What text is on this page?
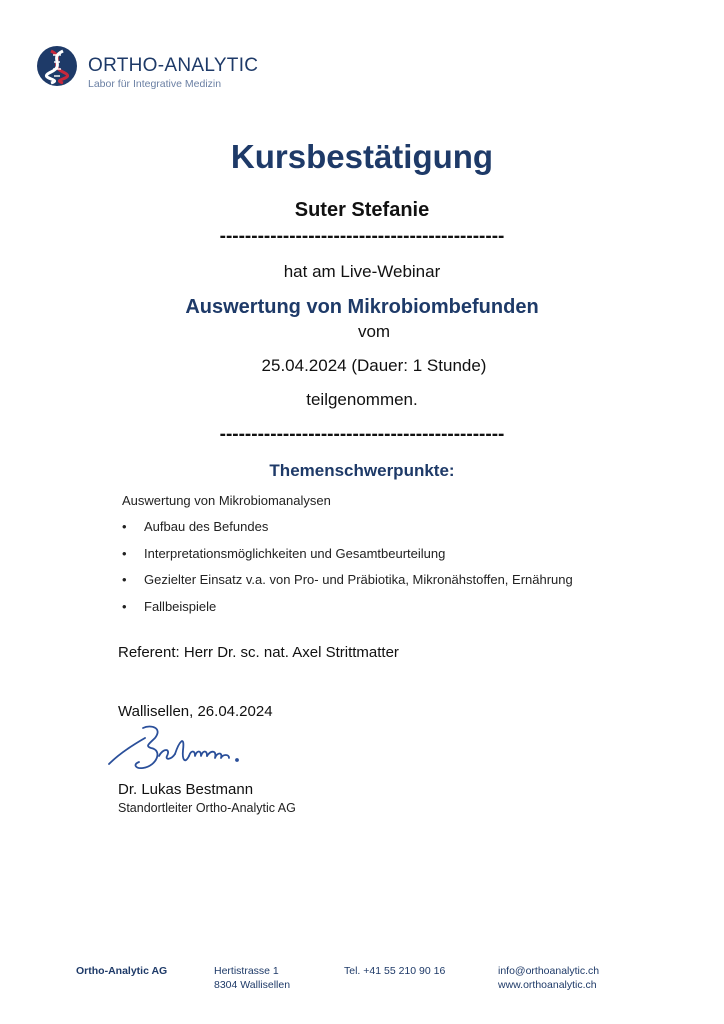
ORTHO-ANALYTIC
Labor für Integrative Medizin
Kursbestätigung
Suter Stefanie
---------------------------------------------
hat am Live-Webinar
Auswertung von Mikrobiombefunden
vom
25.04.2024 (Dauer: 1 Stunde)
teilgenommen.
---------------------------------------------
Themenschwerpunkte:
Auswertung von Mikrobiomanalysen
• Aufbau des Befundes
• Interpretationsmöglichkeiten und Gesamtbeurteilung
• Gezielter Einsatz v.a. von Pro- und Präbiotika, Mikronähstoffen, Ernährung
• Fallbeispiele
Referent: Herr Dr. sc. nat. Axel Strittmatter
Wallisellen, 26.04.2024
Dr. Lukas Bestmann
Standortleiter Ortho-Analytic AG
Ortho-Analytic AG	Hertistrasse 1
8304 Wallisellen
Tel. +41 55 210 90 16	info@orthoanalytic.ch
www.orthoanalytic.ch
